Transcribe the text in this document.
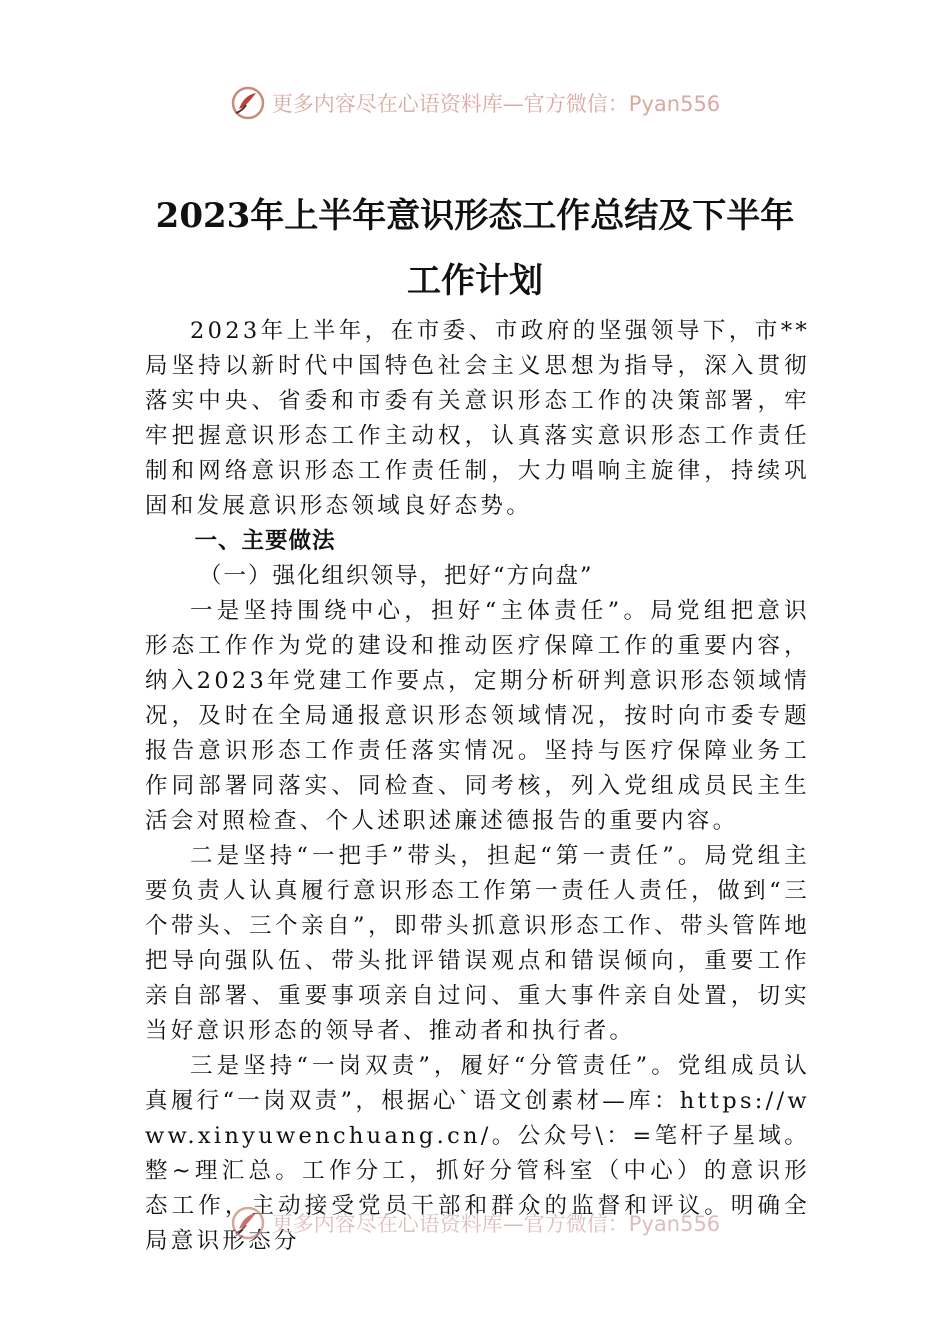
更多内容尽在心语资料库—官方微信：Pyan556
2023年上半年意识形态工作总结及下半年
工作计划

2023年上半年，在市委、市政府的坚强领导下，市**局坚持以新时代中国特色社会主义思想为指导，深入贯彻落实中央、省委和市委有关意识形态工作的决策部署，牢牢把握意识形态工作主动权，认真落实意识形态工作责任制和网络意识形态工作责任制，大力唱响主旋律，持续巩固和发展意识形态领域良好态势。

一、主要做法

（一）强化组织领导，把好“方向盘”

一是坚持围绕中心，担好“主体责任”。局党组把意识形态工作作为党的建设和推动医疗保障工作的重要内容，纳入2023年党建工作要点，定期分析研判意识形态领域情况，及时在全局通报意识形态领域情况，按时向市委专题报告意识形态工作责任落实情况。坚持与医疗保障业务工作同部署同落实、同检查、同考核，列入党组成员民主生活会对照检查、个人述职述廉述德报告的重要内容。

二是坚持“一把手”带头，担起“第一责任”。局党组主要负责人认真履行意识形态工作第一责任人责任，做到“三个带头、三个亲自”，即带头抓意识形态工作、带头管阵地把导向强队伍、带头批评错误观点和错误倾向，重要工作亲自部署、重要事项亲自过问、重大事件亲自处置，切实当好意识形态的领导者、推动者和执行者。

三是坚持“一岗双责”，履好“分管责任”。党组成员认真履行“一岗双责”，根据心`语文创素材—库：https://www.xinyuwenchuang.cn/。公众号\：=笔杆子星域。整~理汇总。工作分工，抓好分管科室（中心）的意识形态工作，主动接受党员干部和群众的监督和评议。明确全局意识形态分

更多内容尽在心语资料库—官方微信：Pyan556
